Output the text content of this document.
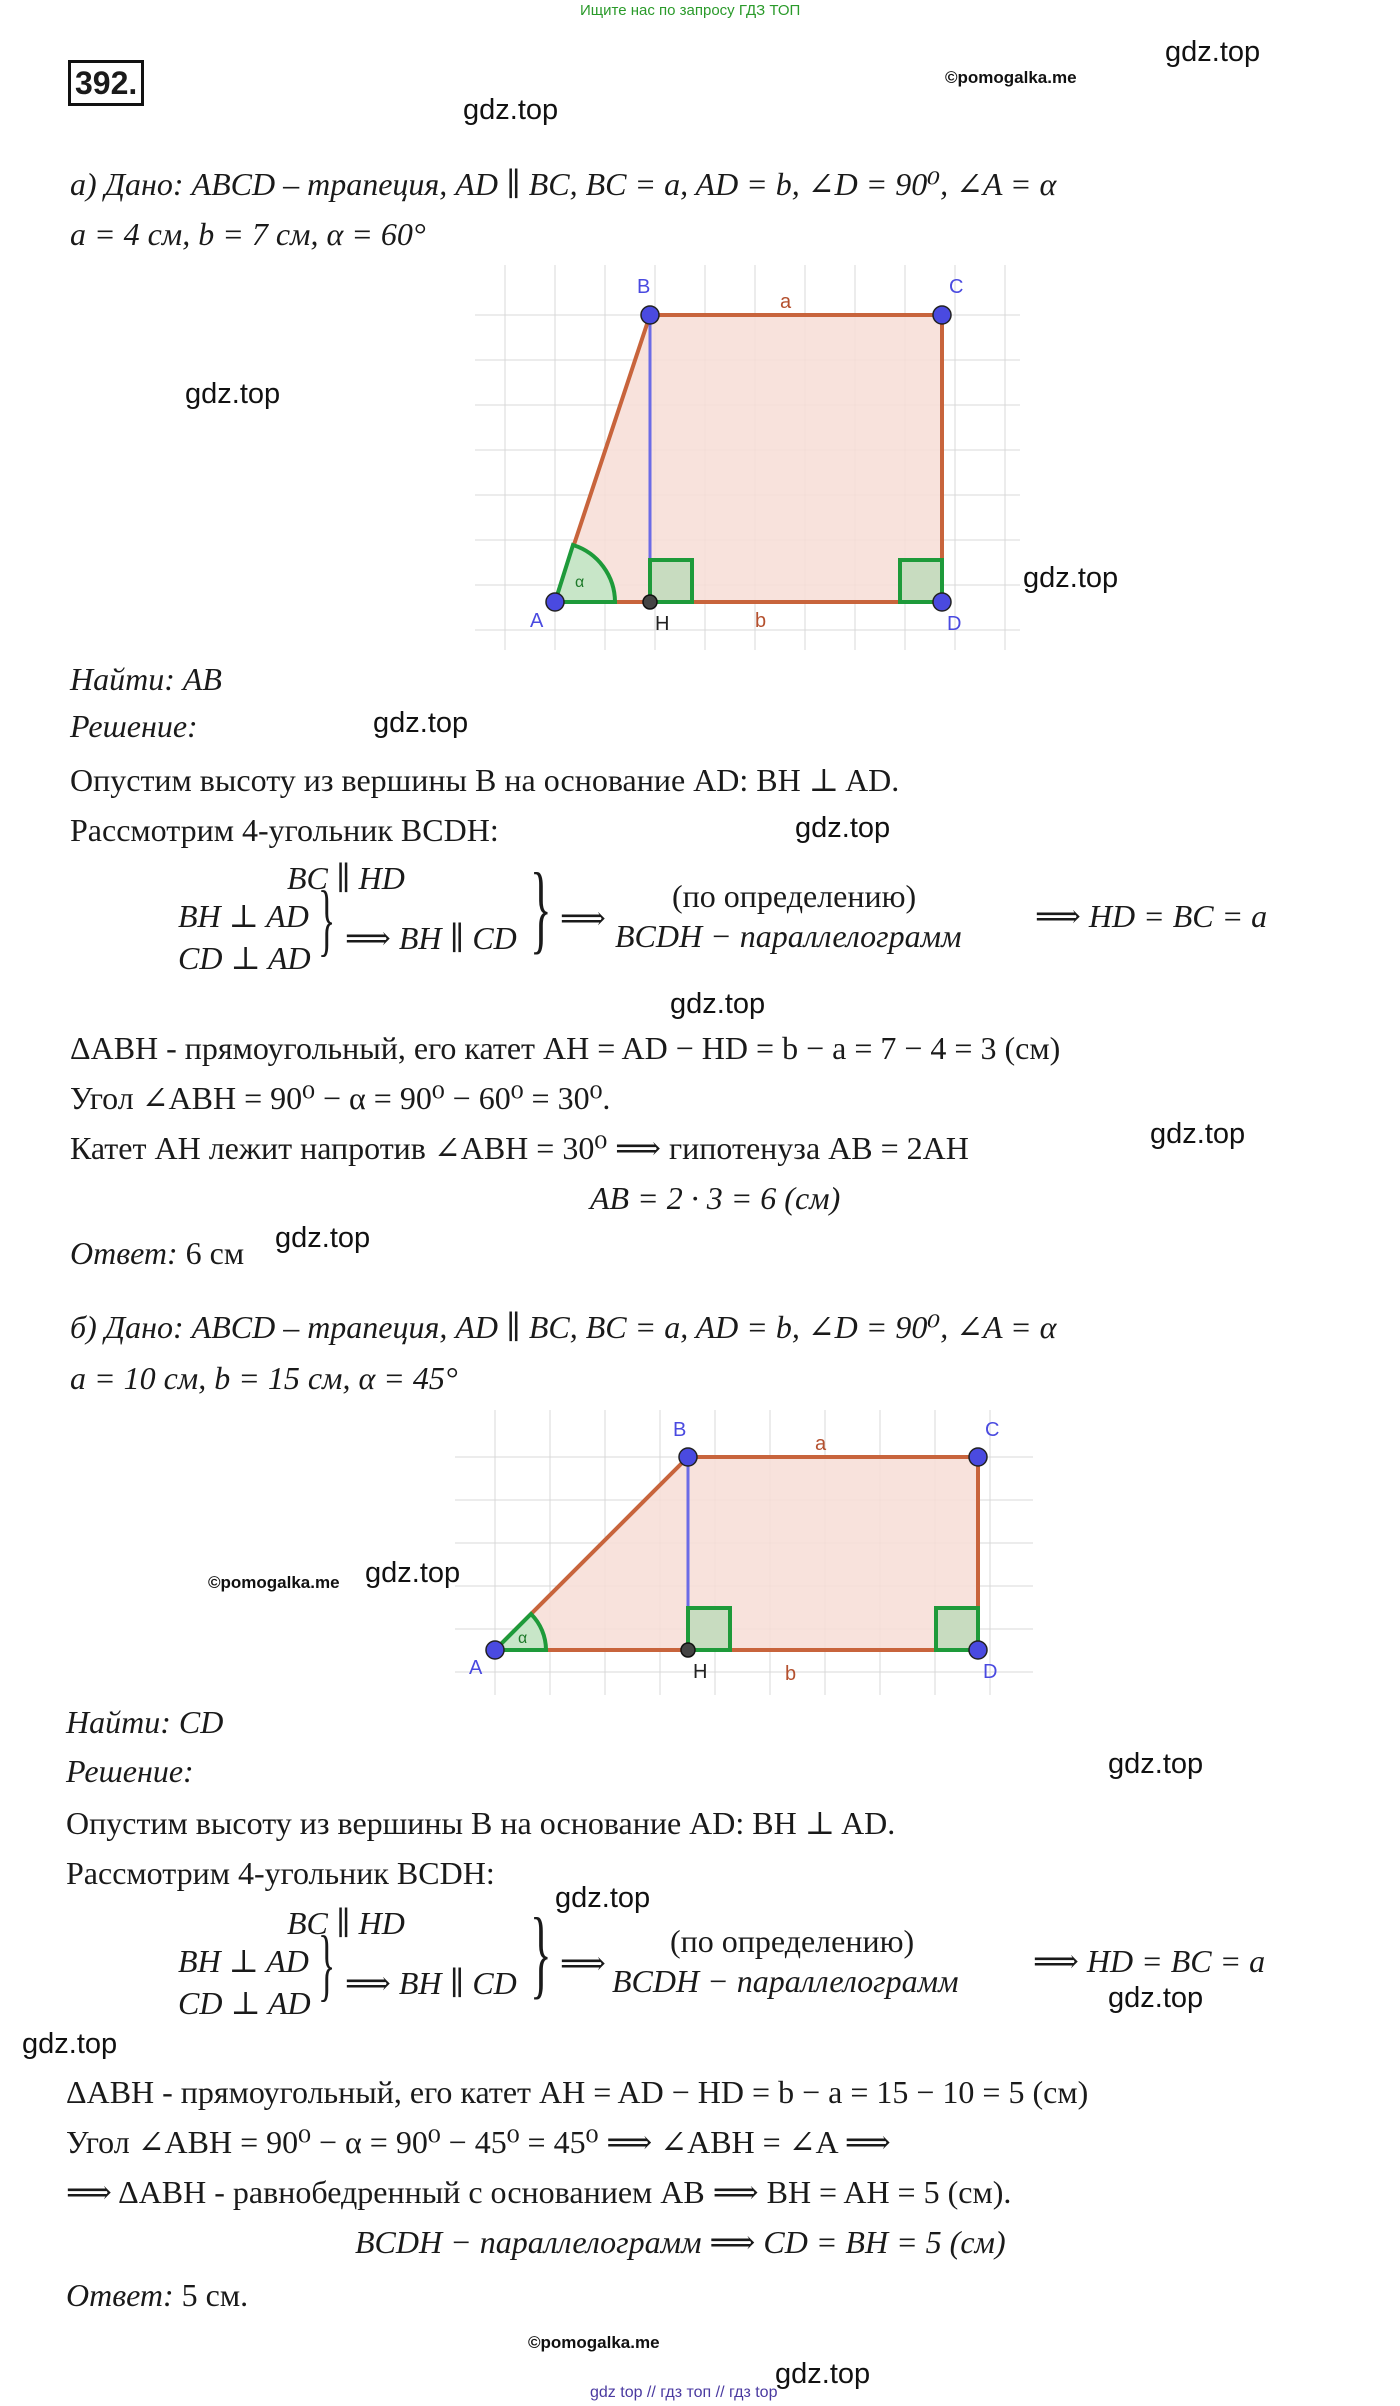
Ищите нас по запросу ГДЗ ТОП
392.	©pomogalka.me
gdz.top
gdz.top
а) Дано: ABCD – трапеция, AD ∥ BC, BC = a, AD = b, ∠D = 90⁰, ∠A = α
a = 4 см, b = 7 см, α = 60°
A
B	C
D
H
a
b
α
gdz.top
gdz.top
Найти: AB
Решение:	gdz.top
Опустим высоту из вершины B на основание AD: BH ⊥ AD.
Рассмотрим 4-угольник BCDH:	gdz.top
BC ∥ HD
BH ⊥ AD
CD ⊥ AD } ⟹ BH ∥ CD } ⟹
(по определению)
BCDH − параллелограмм
⟹ HD = BC = a
gdz.top
ΔABH - прямоугольный, его катет AH = AD − HD = b − a = 7 − 4 = 3 (см)
Угол ∠ABH = 90⁰ − α = 90⁰ − 60⁰ = 30⁰.
Катет AH лежит напротив ∠ABH = 30⁰ ⟹ гипотенуза AB = 2AH	gdz.top
AB = 2 · 3 = 6 (см)
Ответ: 6 см gdz.top
б) Дано: ABCD – трапеция, AD ∥ BC, BC = a, AD = b, ∠D = 90⁰, ∠A = α
a = 10 см, b = 15 см, α = 45°
A
B	C
D
H
a
b
α
©pomogalka.me gdz.top
Найти: CD
Решение:	gdz.top
Опустим высоту из вершины B на основание AD: BH ⊥ AD.
Рассмотрим 4-угольник BCDH:
gdz.top
BC ∥ HD
BH ⊥ AD
CD ⊥ AD } ⟹ BH ∥ CD } ⟹
(по определению)
BCDH − параллелограмм
⟹ HD = BC = a
gdz.top
gdz.top
ΔABH - прямоугольный, его катет AH = AD − HD = b − a = 15 − 10 = 5 (см)
Угол ∠ABH = 90⁰ − α = 90⁰ − 45⁰ = 45⁰ ⟹ ∠ABH = ∠A ⟹
⟹ ΔABH - равнобедренный с основанием AB ⟹ BH = AH = 5 (см).
BCDH − параллелограмм ⟹ CD = BH = 5 (см)
Ответ: 5 см.
©pomogalka.me
gdz.top
gdz top // гдз топ // гдз top
